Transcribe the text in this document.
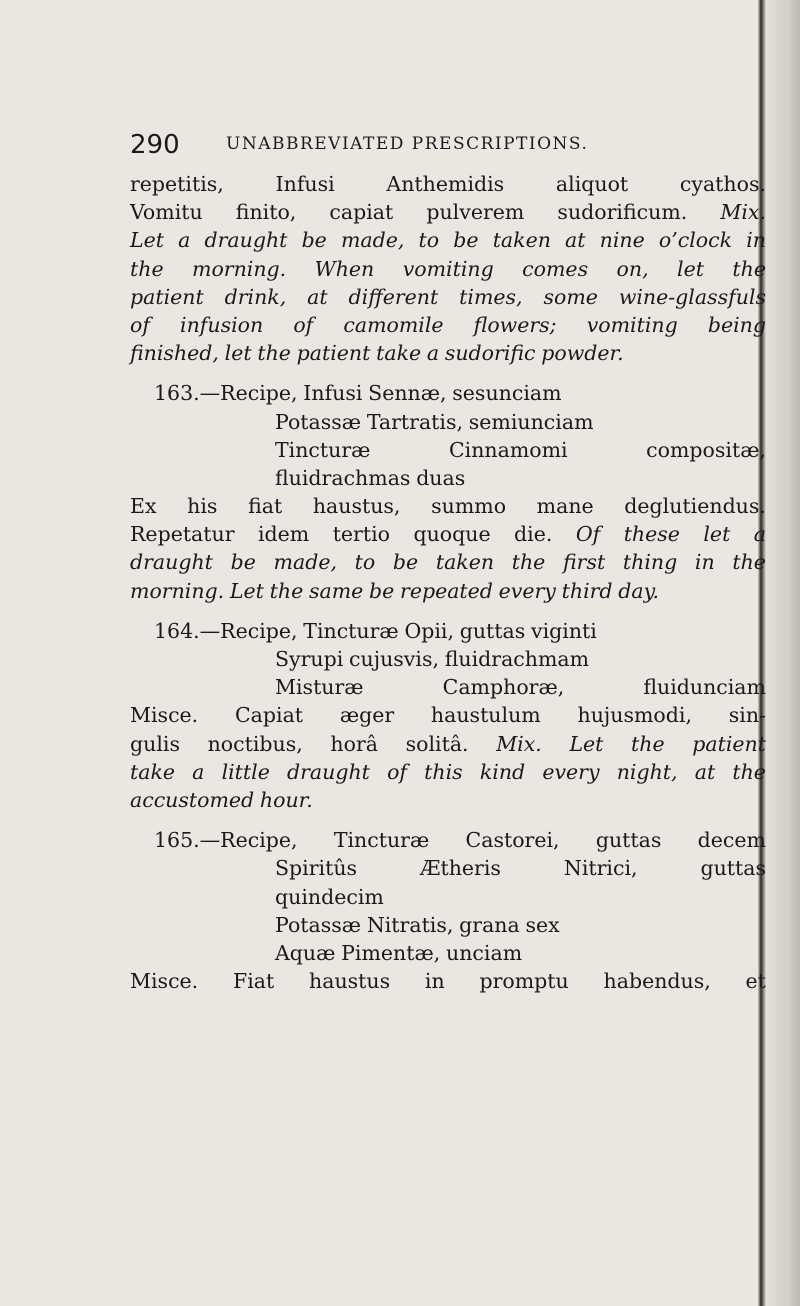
290	UNABBREVIATED PRESCRIPTIONS.
repetitis,	Infusi	Anthemidis	aliquot	cyathos.
Vomitu finito, capiat pulverem sudorificum. Mix.
Let a draught be made, to be taken at nine o’clock in
the morning. When vomiting comes on, let the
patient drink, at different times, some wine-glassfuls
of infusion of camomile flowers; vomiting being
finished, let the patient take a sudorific powder.
163.—Recipe, Infusi Sennæ, sesunciam
Potassæ Tartratis, semiunciam
Tincturæ	Cinnamomi	compositæ,
fluidrachmas duas
Ex his fiat haustus, summo mane deglutiendus.
Repetatur idem tertio quoque die. Of these let a
draught be made, to be taken the first thing in the
morning. Let the same be repeated every third day.
164.—Recipe, Tincturæ Opii, guttas viginti
Syrupi cujusvis, fluidrachmam
Misturæ	Camphoræ,	fluidunciam
Misce. Capiat æger haustulum hujusmodi, sin-
gulis noctibus, horâ solitâ. Mix. Let the patient
take a little draught of this kind every night, at the
accustomed hour.
165.—Recipe, Tincturæ Castorei, guttas decem
Spiritûs	Ætheris	Nitrici,	guttas
quindecim
Potassæ Nitratis, grana sex
Aquæ Pimentæ, unciam
Misce. Fiat haustus in promptu habendus, et
